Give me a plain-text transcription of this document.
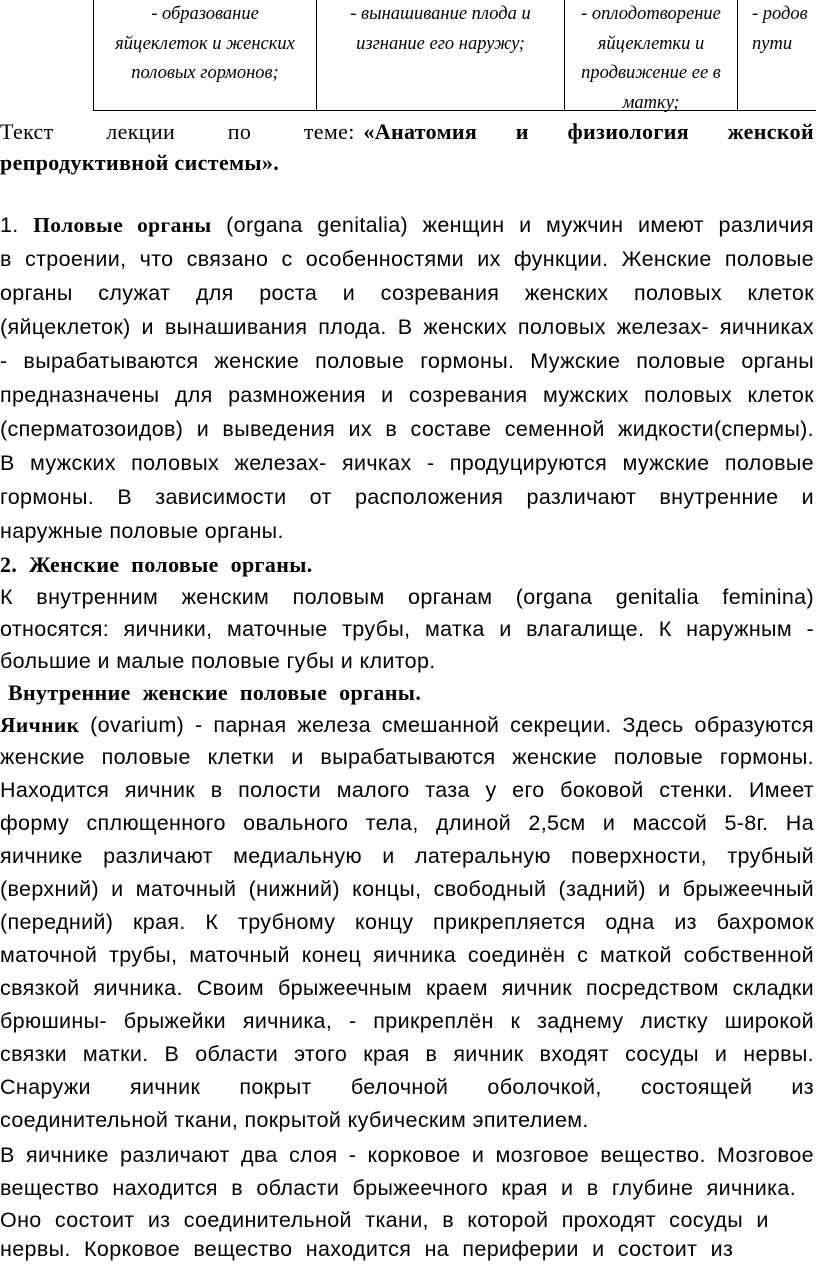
- образование
яйцеклеток и женских
половых гормонов;
- вынашивание плода и
изгнание его наружу;
- оплодотворение
яйцеклетки и
продвижение ее в
матку;
- родов
пути
Текст лекции по теме: «Анатомия и физиология женской
репродуктивной системы».
1. Половые органы (organa genitalia) женщин и мужчин имеют различия
в строении, что связано с особенностями их функции. Женские половые
органы служат для роста и созревания женских половых клеток
(яйцеклеток) и вынашивания плода. В женских половых железах- яичниках
- вырабатываются женские половые гормоны. Мужские половые органы
предназначены для размножения и созревания мужских половых клеток
(сперматозоидов) и выведения их в составе семенной жидкости(спермы).
В мужских половых железах- яичках - продуцируются мужские половые
гормоны. В зависимости от расположения различают внутренние и
наружные половые органы.
2. Женские половые органы.
К внутренним женским половым органам (organa genitalia feminina)
относятся: яичники, маточные трубы, матка и влагалище. К наружным -
большие и малые половые губы и клитор.
Внутренние женские половые органы.
Яичник (ovarium) - парная железа смешанной секреции. Здесь образуются
женские половые клетки и вырабатываются женские половые гормоны.
Находится яичник в полости малого таза у его боковой стенки. Имеет
форму сплющенного овального тела, длиной 2,5см и массой 5-8г. На
яичнике различают медиальную и латеральную поверхности, трубный
(верхний) и маточный (нижний) концы, свободный (задний) и брыжеечный
(передний) края. К трубному концу прикрепляется одна из бахромок
маточной трубы, маточный конец яичника соединён с маткой собственной
связкой яичника. Своим брыжеечным краем яичник посредством складки
брюшины- брыжейки яичника, - прикреплён к заднему листку широкой
связки матки. В области этого края в яичник входят сосуды и нервы.
Снаружи яичник покрыт белочной оболочкой, состоящей из
соединительной ткани, покрытой кубическим эпителием.
В яичнике различают два слоя - корковое и мозговое вещество. Мозговое
вещество находится в области брыжеечного края и в глубине яичника.
Оно состоит из соединительной ткани, в которой проходят сосуды и
нервы. Корковое вещество находится на периферии и состоит из
